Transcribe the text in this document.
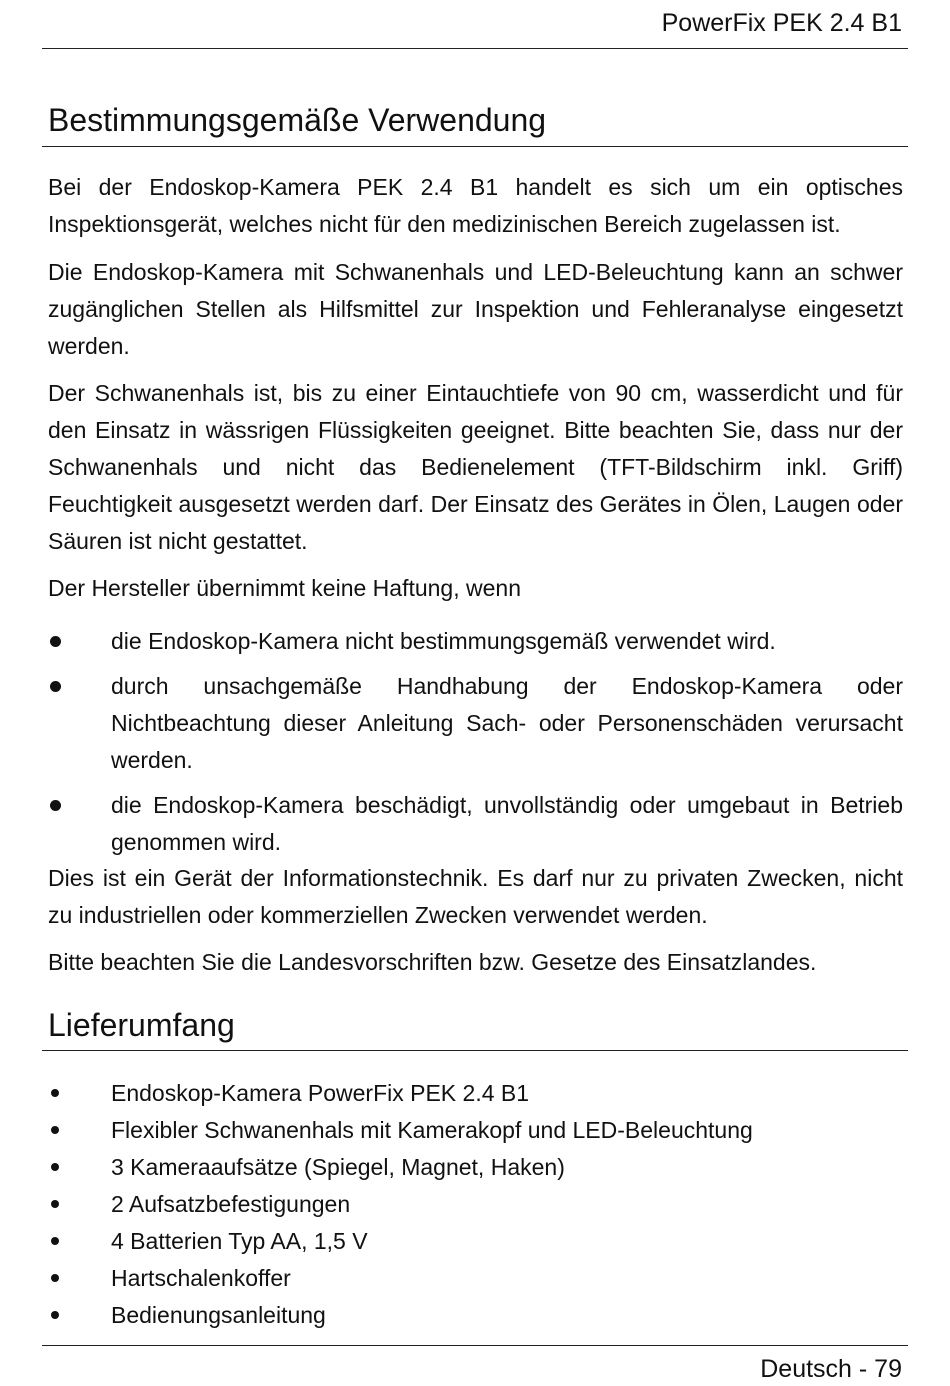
PowerFix PEK 2.4 B1
Bestimmungsgemäße Verwendung

Bei der Endoskop-Kamera PEK 2.4 B1 handelt es sich um ein optisches Inspektionsgerät, welches nicht für den medizinischen Bereich zugelassen ist.

Die Endoskop-Kamera mit Schwanenhals und LED-Beleuchtung kann an schwer zugänglichen Stellen als Hilfsmittel zur Inspektion und Fehleranalyse eingesetzt werden.

Der Schwanenhals ist, bis zu einer Eintauchtiefe von 90 cm, wasserdicht und für den Einsatz in wässrigen Flüssigkeiten geeignet. Bitte beachten Sie, dass nur der Schwanenhals und nicht das Bedienelement (TFT-Bildschirm inkl. Griff) Feuchtigkeit ausgesetzt werden darf. Der Einsatz des Gerätes in Ölen, Laugen oder Säuren ist nicht gestattet.

Der Hersteller übernimmt keine Haftung, wenn

die Endoskop-Kamera nicht bestimmungsgemäß verwendet wird.
durch unsachgemäße Handhabung der Endoskop-Kamera oder Nichtbeachtung dieser Anleitung Sach- oder Personenschäden verursacht werden.
die Endoskop-Kamera beschädigt, unvollständig oder umgebaut in Betrieb genommen wird.

Dies ist ein Gerät der Informationstechnik. Es darf nur zu privaten Zwecken, nicht zu industriellen oder kommerziellen Zwecken verwendet werden.

Bitte beachten Sie die Landesvorschriften bzw. Gesetze des Einsatzlandes.

Lieferumfang
Endoskop-Kamera PowerFix PEK 2.4 B1
Flexibler Schwanenhals mit Kamerakopf und LED-Beleuchtung
3 Kameraaufsätze (Spiegel, Magnet, Haken)
2 Aufsatzbefestigungen
4 Batterien Typ AA, 1,5 V
Hartschalenkoffer
Bedienungsanleitung
Deutsch - 79
